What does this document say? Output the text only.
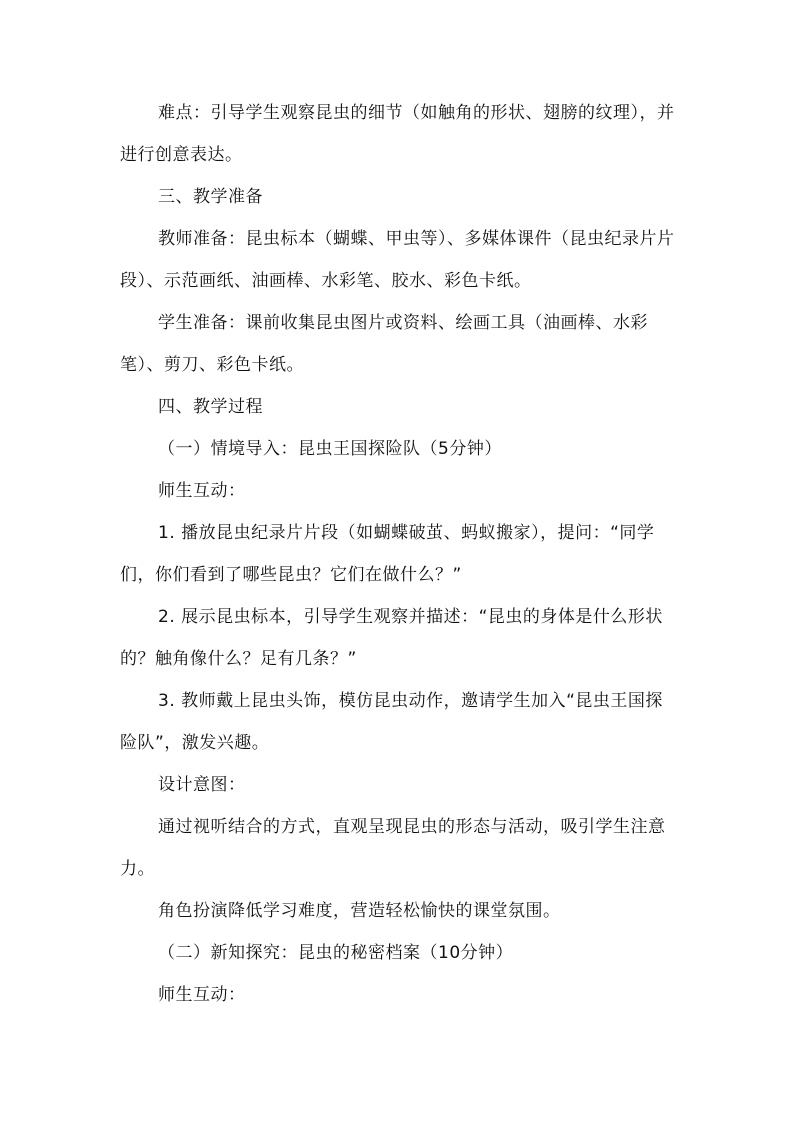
难点：引导学生观察昆虫的细节（如触角的形状、翅膀的纹理），并进行创意表达。

三、教学准备

教师准备：昆虫标本（蝴蝶、甲虫等）、多媒体课件（昆虫纪录片片段）、示范画纸、油画棒、水彩笔、胶水、彩色卡纸。

学生准备：课前收集昆虫图片或资料、绘画工具（油画棒、水彩笔）、剪刀、彩色卡纸。

四、教学过程

（一）情境导入：昆虫王国探险队（5分钟）

师生互动：

1. 播放昆虫纪录片片段（如蝴蝶破茧、蚂蚁搬家），提问：“同学们，你们看到了哪些昆虫？它们在做什么？”

2. 展示昆虫标本，引导学生观察并描述：“昆虫的身体是什么形状的？触角像什么？足有几条？”

3. 教师戴上昆虫头饰，模仿昆虫动作，邀请学生加入“昆虫王国探险队”，激发兴趣。

设计意图：

通过视听结合的方式，直观呈现昆虫的形态与活动，吸引学生注意力。

角色扮演降低学习难度，营造轻松愉快的课堂氛围。

（二）新知探究：昆虫的秘密档案（10分钟）

师生互动：
